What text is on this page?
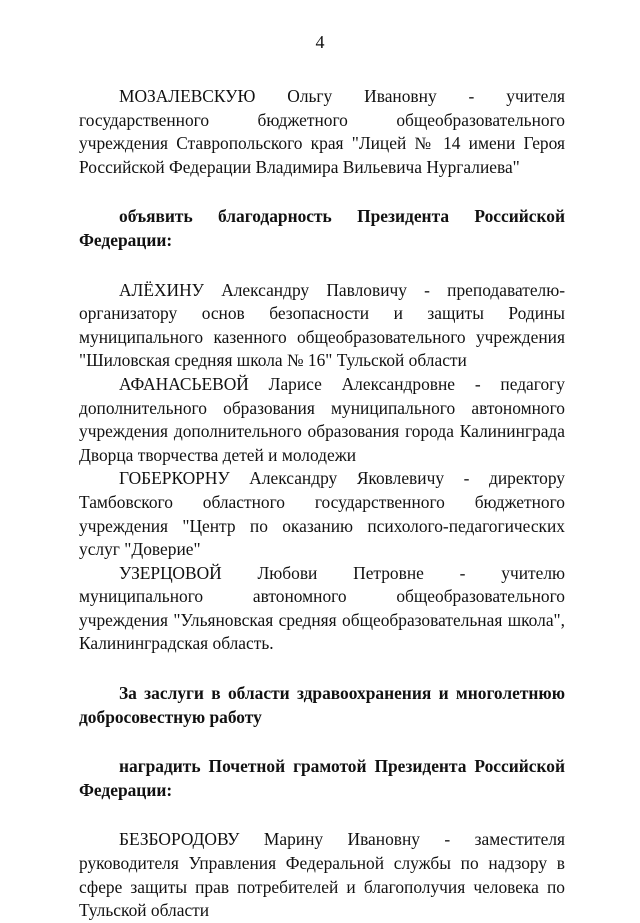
4

МОЗАЛЕВСКУЮ Ольгу Ивановну - учителя государственного бюджетного общеобразовательного учреждения Ставропольского края "Лицей № 14 имени Героя Российской Федерации Владимира Вильевича Нургалиева"

объявить благодарность Президента Российской Федерации:

АЛЁХИНУ Александру Павловичу - преподавателю-организатору основ безопасности и защиты Родины муниципального казенного общеобразовательного учреждения "Шиловская средняя школа № 16" Тульской области

АФАНАСЬЕВОЙ Ларисе Александровне - педагогу дополнительного образования муниципального автономного учреждения дополнительного образования города Калининграда Дворца творчества детей и молодежи

ГОБЕРКОРНУ Александру Яковлевичу - директору Тамбовского областного государственного бюджетного учреждения "Центр по оказанию психолого-педагогических услуг "Доверие"

УЗЕРЦОВОЙ Любови Петровне - учителю муниципального автономного общеобразовательного учреждения "Ульяновская средняя общеобразовательная школа", Калининградская область.

За заслуги в области здравоохранения и многолетнюю добросовестную работу

наградить Почетной грамотой Президента Российской Федерации:

БЕЗБОРОДОВУ Марину Ивановну - заместителя руководителя Управления Федеральной службы по надзору в сфере защиты прав потребителей и благополучия человека по Тульской области
